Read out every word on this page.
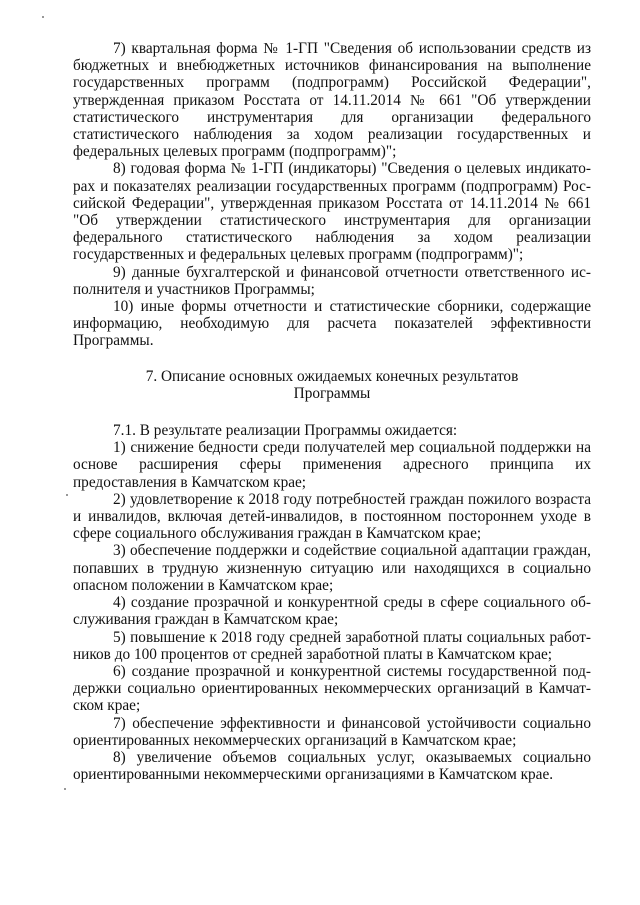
7) квартальная форма № 1-ГП "Сведения об использовании средств из бюджетных и внебюджетных источников финансирования на выполнение государственных программ (подпрограмм) Российской Федерации", утвержденная приказом Росстата от 14.11.2014 № 661 "Об утверждении статистического инструментария для организации федерального статистического наблюдения за ходом реализации государственных и федеральных целевых программ (подпрограмм)";

8) годовая форма № 1-ГП (индикаторы) "Сведения о целевых индикаторах и показателях реализации государственных программ (подпрограмм) Российской Федерации", утвержденная приказом Росстата от 14.11.2014 № 661 "Об утверждении статистического инструментария для организации федерального статистического наблюдения за ходом реализации государственных и федеральных целевых программ (подпрограмм)";

9) данные бухгалтерской и финансовой отчетности ответственного исполнителя и участников Программы;

10) иные формы отчетности и статистические сборники, содержащие информацию, необходимую для расчета показателей эффективности Программы.

7. Описание основных ожидаемых конечных результатов
Программы

7.1. В результате реализации Программы ожидается:

1) снижение бедности среди получателей мер социальной поддержки на основе расширения сферы применения адресного принципа их предоставления в Камчатском крае;

2) удовлетворение к 2018 году потребностей граждан пожилого возраста и инвалидов, включая детей-инвалидов, в постоянном постороннем уходе в сфере социального обслуживания граждан в Камчатском крае;

3) обеспечение поддержки и содействие социальной адаптации граждан, попавших в трудную жизненную ситуацию или находящихся в социально опасном положении в Камчатском крае;

4) создание прозрачной и конкурентной среды в сфере социального обслуживания граждан в Камчатском крае;

5) повышение к 2018 году средней заработной платы социальных работников до 100 процентов от средней заработной платы в Камчатском крае;

6) создание прозрачной и конкурентной системы государственной поддержки социально ориентированных некоммерческих организаций в Камчатском крае;

7) обеспечение эффективности и финансовой устойчивости социально ориентированных некоммерческих организаций в Камчатском крае;

8) увеличение объемов социальных услуг, оказываемых социально ориентированными некоммерческими организациями в Камчатском крае.
